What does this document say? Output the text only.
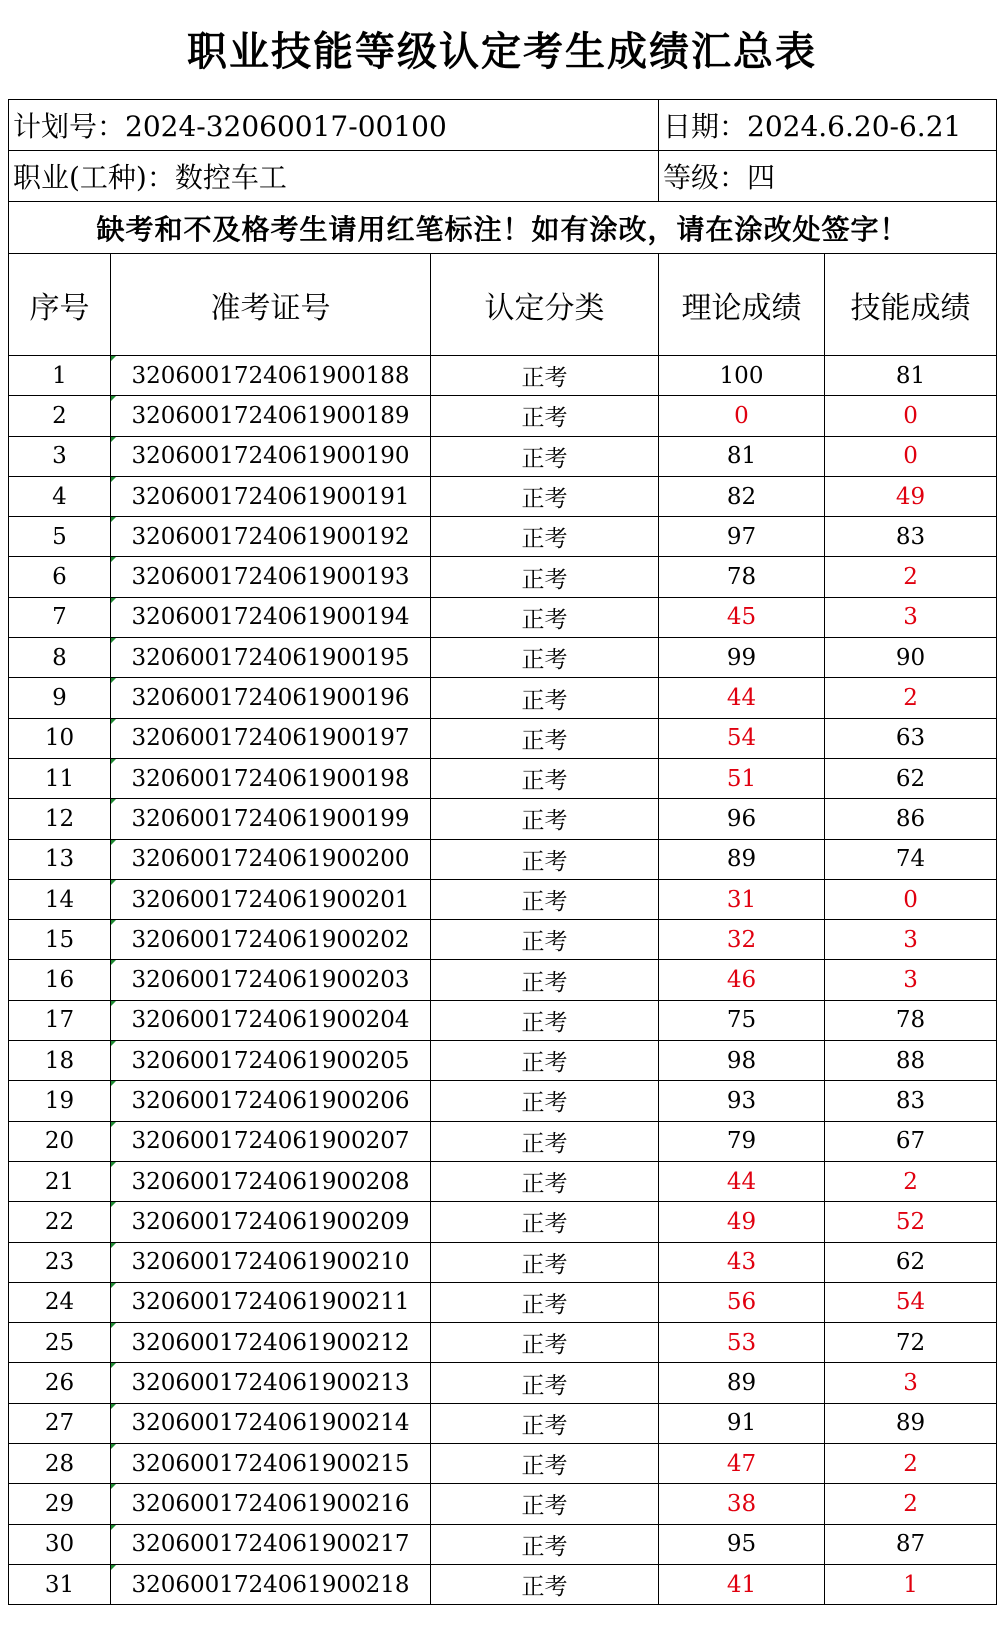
职业技能等级认定考生成绩汇总表
计划号：2024-32060017-00100			日期：2024.6.20-6.21	
职业(工种)：数控车工			等级：四	
缺考和不及格考生请用红笔标注！如有涂改，请在涂改处签字！				
序号	准考证号	认定分类	理论成绩	技能成绩
1	3206001724061900188	正考	100	81
2	3206001724061900189	正考	0	0
3	3206001724061900190	正考	81	0
4	3206001724061900191	正考	82	49
5	3206001724061900192	正考	97	83
6	3206001724061900193	正考	78	2
7	3206001724061900194	正考	45	3
8	3206001724061900195	正考	99	90
9	3206001724061900196	正考	44	2
10	3206001724061900197	正考	54	63
11	3206001724061900198	正考	51	62
12	3206001724061900199	正考	96	86
13	3206001724061900200	正考	89	74
14	3206001724061900201	正考	31	0
15	3206001724061900202	正考	32	3
16	3206001724061900203	正考	46	3
17	3206001724061900204	正考	75	78
18	3206001724061900205	正考	98	88
19	3206001724061900206	正考	93	83
20	3206001724061900207	正考	79	67
21	3206001724061900208	正考	44	2
22	3206001724061900209	正考	49	52
23	3206001724061900210	正考	43	62
24	3206001724061900211	正考	56	54
25	3206001724061900212	正考	53	72
26	3206001724061900213	正考	89	3
27	3206001724061900214	正考	91	89
28	3206001724061900215	正考	47	2
29	3206001724061900216	正考	38	2
30	3206001724061900217	正考	95	87
31	3206001724061900218	正考	41	1
